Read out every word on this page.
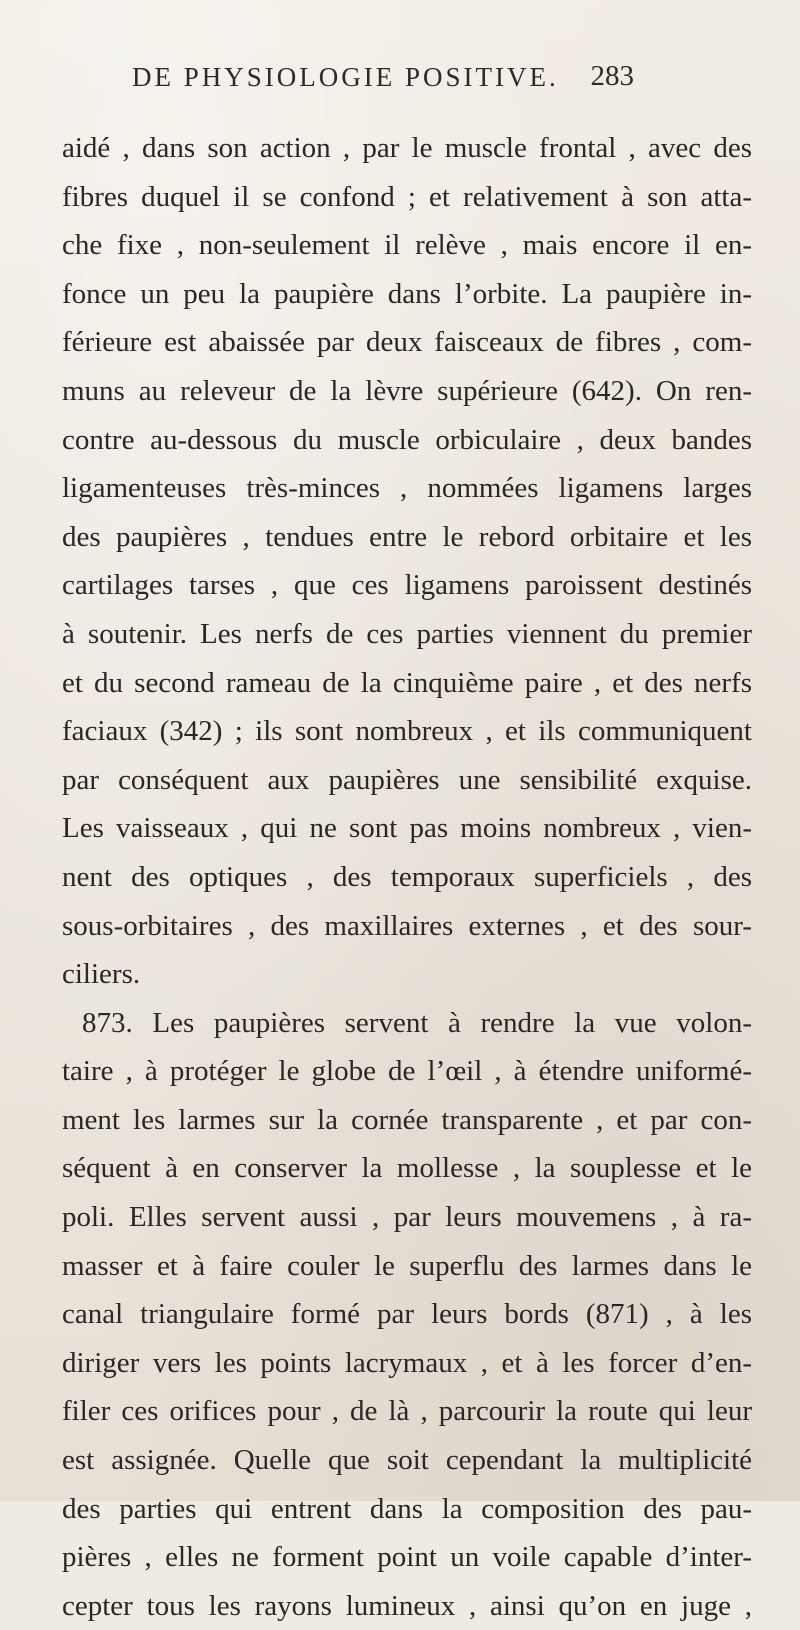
DE PHYSIOLOGIE POSITIVE. 283
aidé , dans son action , par le muscle frontal , avec des
fibres duquel il se confond ; et relativement à son atta-
che fixe , non-seulement il relève , mais encore il en-
fonce un peu la paupière dans l’orbite. La paupière in-
férieure est abaissée par deux faisceaux de fibres , com-
muns au releveur de la lèvre supérieure (642). On ren-
contre au-dessous du muscle orbiculaire , deux bandes
ligamenteuses très-minces , nommées ligamens larges
des paupières , tendues entre le rebord orbitaire et les
cartilages tarses , que ces ligamens paroissent destinés
à soutenir. Les nerfs de ces parties viennent du premier
et du second rameau de la cinquième paire , et des nerfs
faciaux (342) ; ils sont nombreux , et ils communiquent
par conséquent aux paupières une sensibilité exquise.
Les vaisseaux , qui ne sont pas moins nombreux , vien-
nent des optiques , des temporaux superficiels , des
sous-orbitaires , des maxillaires externes , et des sour-
ciliers.
873. Les paupières servent à rendre la vue volon-
taire , à protéger le globe de l’œil , à étendre uniformé-
ment les larmes sur la cornée transparente , et par con-
séquent à en conserver la mollesse , la souplesse et le
poli. Elles servent aussi , par leurs mouvemens , à ra-
masser et à faire couler le superflu des larmes dans le
canal triangulaire formé par leurs bords (871) , à les
diriger vers les points lacrymaux , et à les forcer d’en-
filer ces orifices pour , de là , parcourir la route qui leur
est assignée. Quelle que soit cependant la multiplicité
des parties qui entrent dans la composition des pau-
pières , elles ne forment point un voile capable d’inter-
cepter tous les rayons lumineux , ainsi qu’on en juge ,
